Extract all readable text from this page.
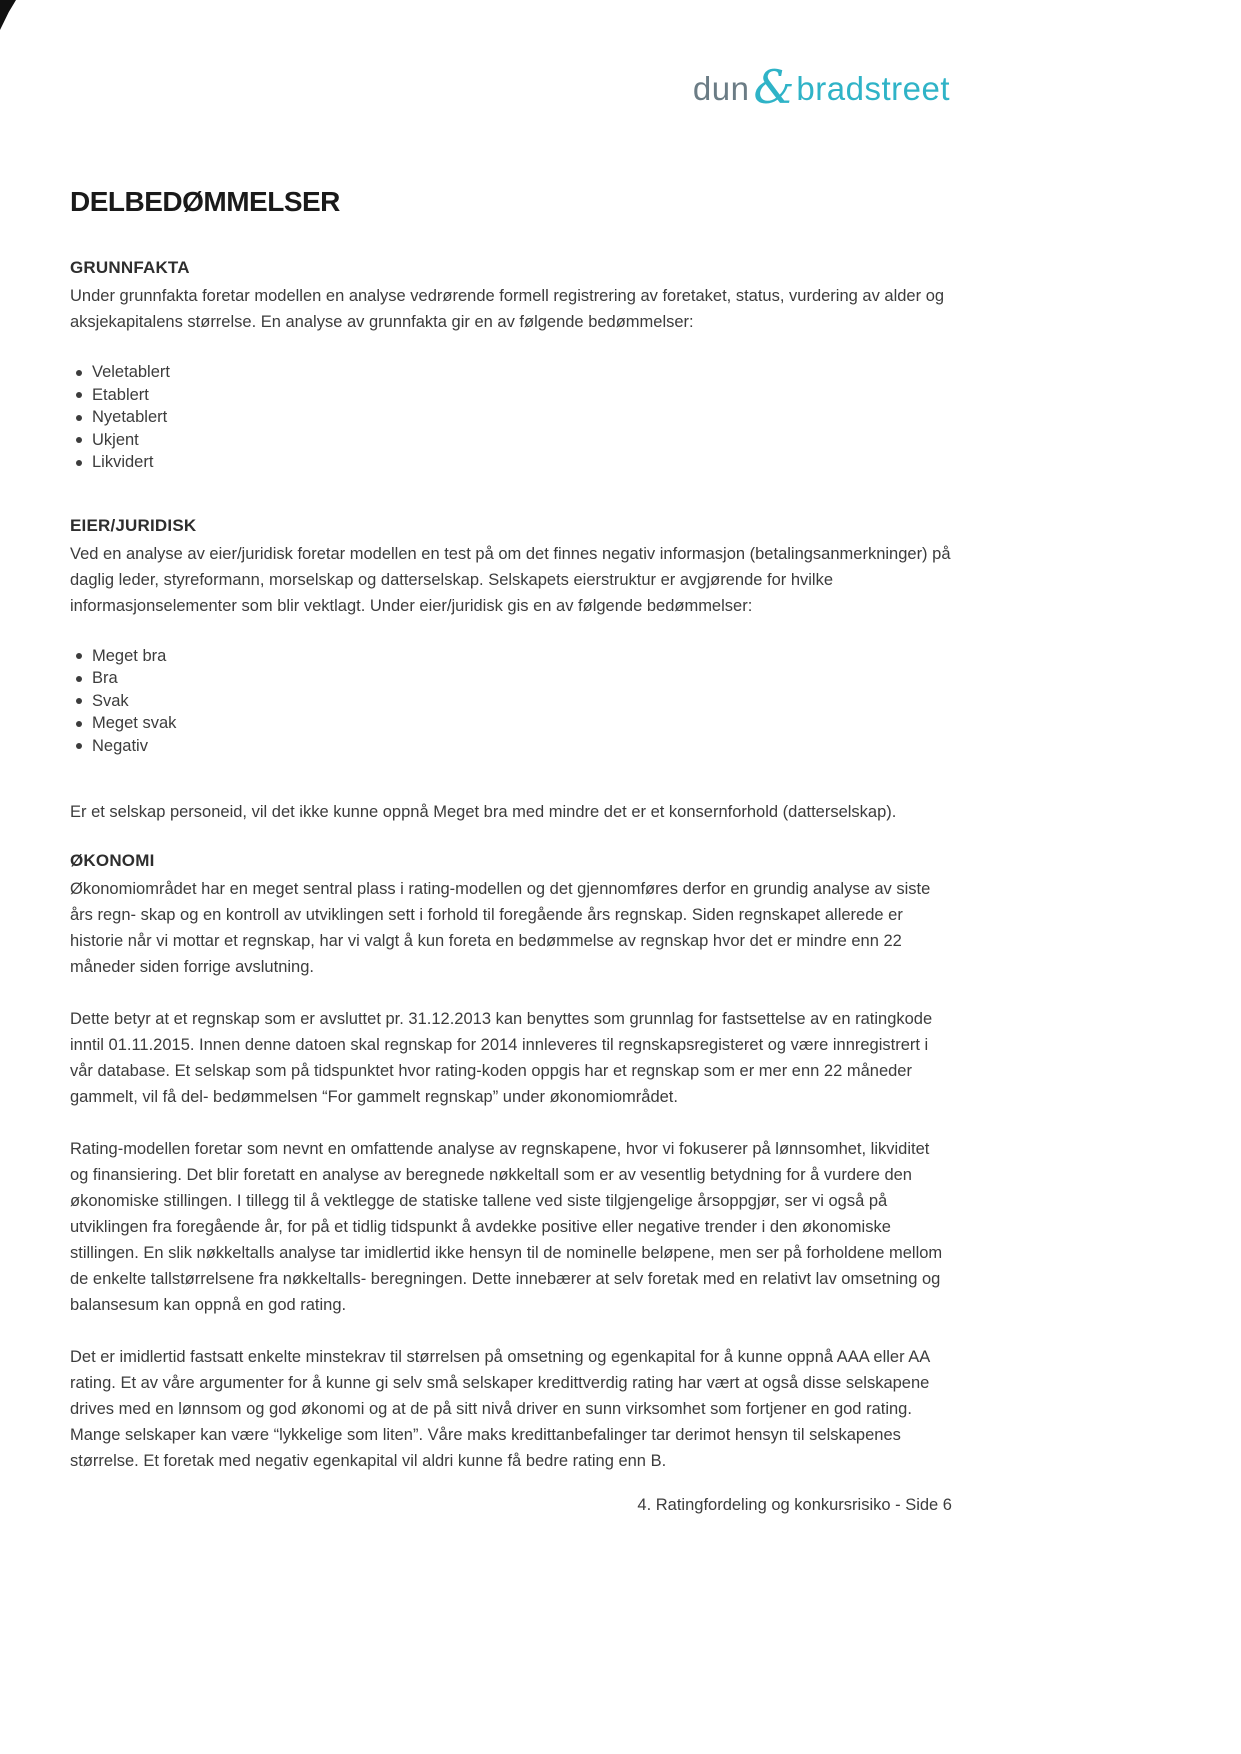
dun & bradstreet
DELBEDØMMELSER
GRUNNFAKTA

Under grunnfakta foretar modellen en analyse vedrørende formell registrering av foretaket, status, vurdering av alder og aksjekapitalens størrelse. En analyse av grunnfakta gir en av følgende bedømmelser:

Veletablert
Etablert
Nyetablert
Ukjent
Likvidert
EIER/JURIDISK

Ved en analyse av eier/juridisk foretar modellen en test på om det finnes negativ informasjon (betalingsanmerkninger) på daglig leder, styreformann, morselskap og datterselskap. Selskapets eierstruktur er avgjørende for hvilke informasjonselementer som blir vektlagt. Under eier/juridisk gis en av følgende bedømmelser:

Meget bra
Bra
Svak
Meget svak
Negativ

Er et selskap personeid, vil det ikke kunne oppnå Meget bra med mindre det er et konsernforhold (datterselskap).

ØKONOMI

Økonomiområdet har en meget sentral plass i rating-modellen og det gjennomføres derfor en grundig analyse av siste års regn- skap og en kontroll av utviklingen sett i forhold til foregående års regnskap. Siden regnskapet allerede er historie når vi mottar et regnskap, har vi valgt å kun foreta en bedømmelse av regnskap hvor det er mindre enn 22 måneder siden forrige avslutning.

Dette betyr at et regnskap som er avsluttet pr. 31.12.2013 kan benyttes som grunnlag for fastsettelse av en ratingkode inntil 01.11.2015. Innen denne datoen skal regnskap for 2014 innleveres til regnskapsregisteret og være innregistrert i vår database. Et selskap som på tidspunktet hvor rating-koden oppgis har et regnskap som er mer enn 22 måneder gammelt, vil få del- bedømmelsen “For gammelt regnskap” under økonomiområdet.

Rating-modellen foretar som nevnt en omfattende analyse av regnskapene, hvor vi fokuserer på lønnsomhet, likviditet og finansiering. Det blir foretatt en analyse av beregnede nøkkeltall som er av vesentlig betydning for å vurdere den økonomiske stillingen. I tillegg til å vektlegge de statiske tallene ved siste tilgjengelige årsoppgjør, ser vi også på utviklingen fra foregående år, for på et tidlig tidspunkt å avdekke positive eller negative trender i den økonomiske stillingen. En slik nøkkeltalls analyse tar imidlertid ikke hensyn til de nominelle beløpene, men ser på forholdene mellom de enkelte tallstørrelsene fra nøkkeltalls- beregningen. Dette innebærer at selv foretak med en relativt lav omsetning og balansesum kan oppnå en god rating.

Det er imidlertid fastsatt enkelte minstekrav til størrelsen på omsetning og egenkapital for å kunne oppnå AAA eller AA rating. Et av våre argumenter for å kunne gi selv små selskaper kredittverdig rating har vært at også disse selskapene drives med en lønnsom og god økonomi og at de på sitt nivå driver en sunn virksomhet som fortjener en god rating. Mange selskaper kan være “lykkelige som liten”. Våre maks kredittanbefalinger tar derimot hensyn til selskapenes størrelse. Et foretak med negativ egenkapital vil aldri kunne få bedre rating enn B.

4. Ratingfordeling og konkursrisiko - Side 6
